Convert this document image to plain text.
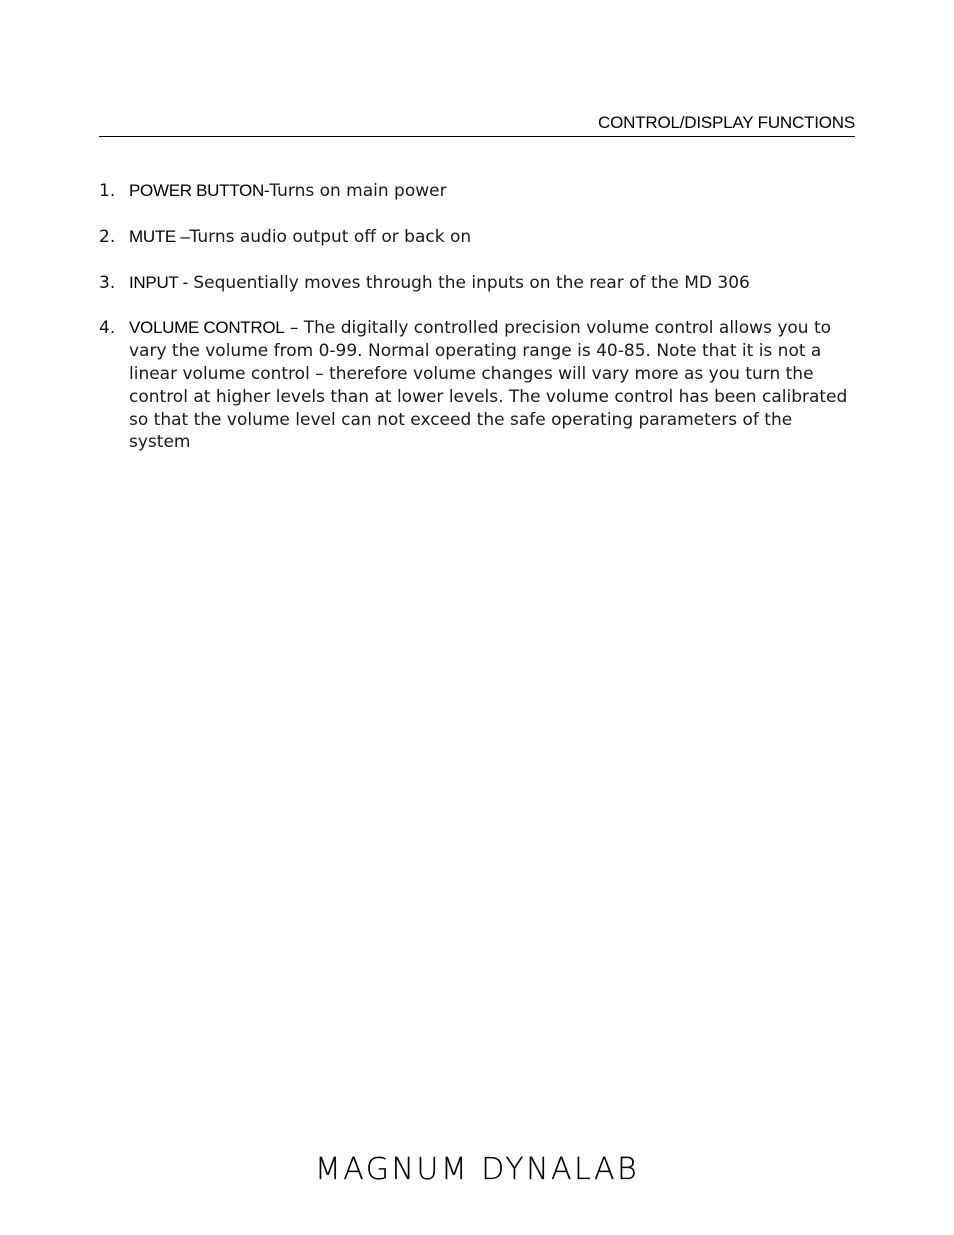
CONTROL/DISPLAY FUNCTIONS
1. POWER BUTTON-Turns on main power
2. MUTE –Turns audio output off or back on
3. INPUT - Sequentially moves through the inputs on the rear of the MD 306
4. VOLUME CONTROL – The digitally controlled precision volume control allows you to vary the volume from 0-99. Normal operating range is 40-85. Note that it is not a linear volume control – therefore volume changes will vary more as you turn the control at higher levels than at lower levels. The volume control has been calibrated so that the volume level can not exceed the safe operating parameters of the system
MAGNUM DYNALAB
